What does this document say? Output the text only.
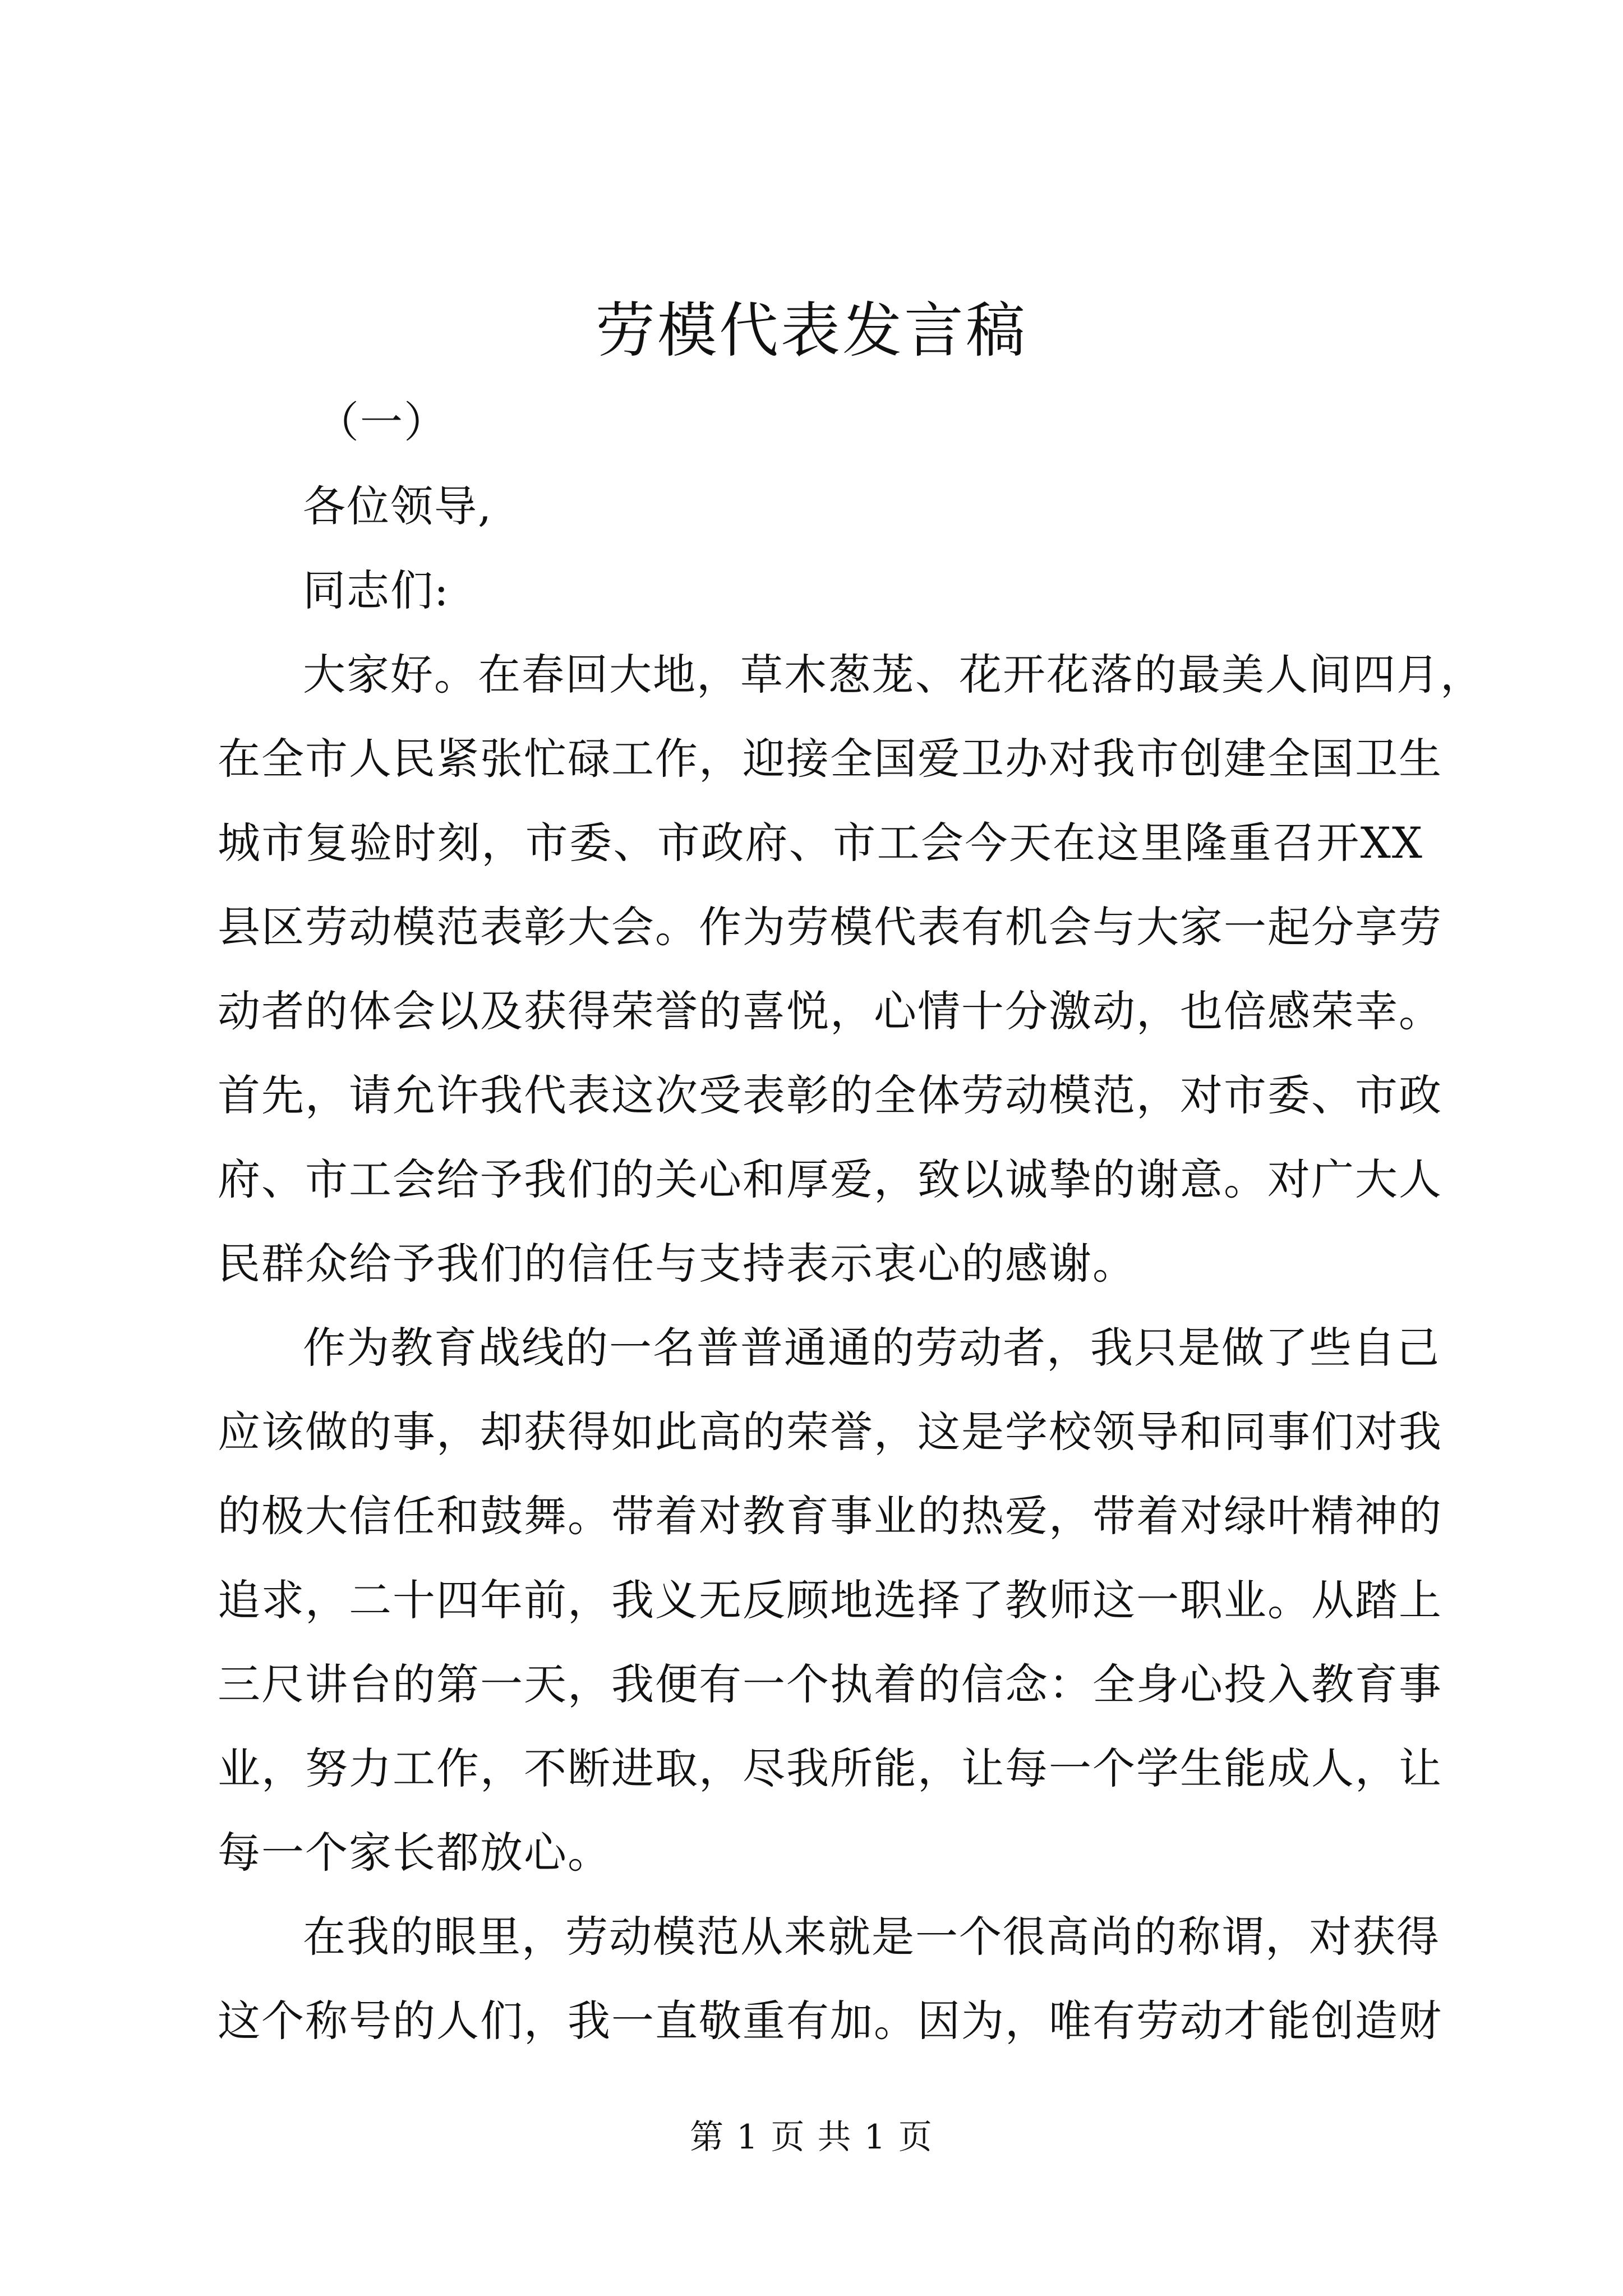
劳模代表发言稿
（一）
各位领导,
同志们:
大家好。在春回大地，草木葱茏、花开花落的最美人间四月，
在全市人民紧张忙碌工作，迎接全国爱卫办对我市创建全国卫生
城市复验时刻，市委、市政府、市工会今天在这里隆重召开XX
县区劳动模范表彰大会。作为劳模代表有机会与大家一起分享劳
动者的体会以及获得荣誉的喜悦，心情十分激动，也倍感荣幸。
首先，请允许我代表这次受表彰的全体劳动模范，对市委、市政
府、市工会给予我们的关心和厚爱，致以诚挚的谢意。对广大人
民群众给予我们的信任与支持表示衷心的感谢。
作为教育战线的一名普普通通的劳动者，我只是做了些自己
应该做的事，却获得如此高的荣誉，这是学校领导和同事们对我
的极大信任和鼓舞。带着对教育事业的热爱，带着对绿叶精神的
追求，二十四年前，我义无反顾地选择了教师这一职业。从踏上
三尺讲台的第一天，我便有一个执着的信念：全身心投入教育事
业，努力工作，不断进取，尽我所能，让每一个学生能成人，让
每一个家长都放心。
在我的眼里，劳动模范从来就是一个很高尚的称谓，对获得
这个称号的人们，我一直敬重有加。因为，唯有劳动才能创造财
第 1 页 共 1 页
